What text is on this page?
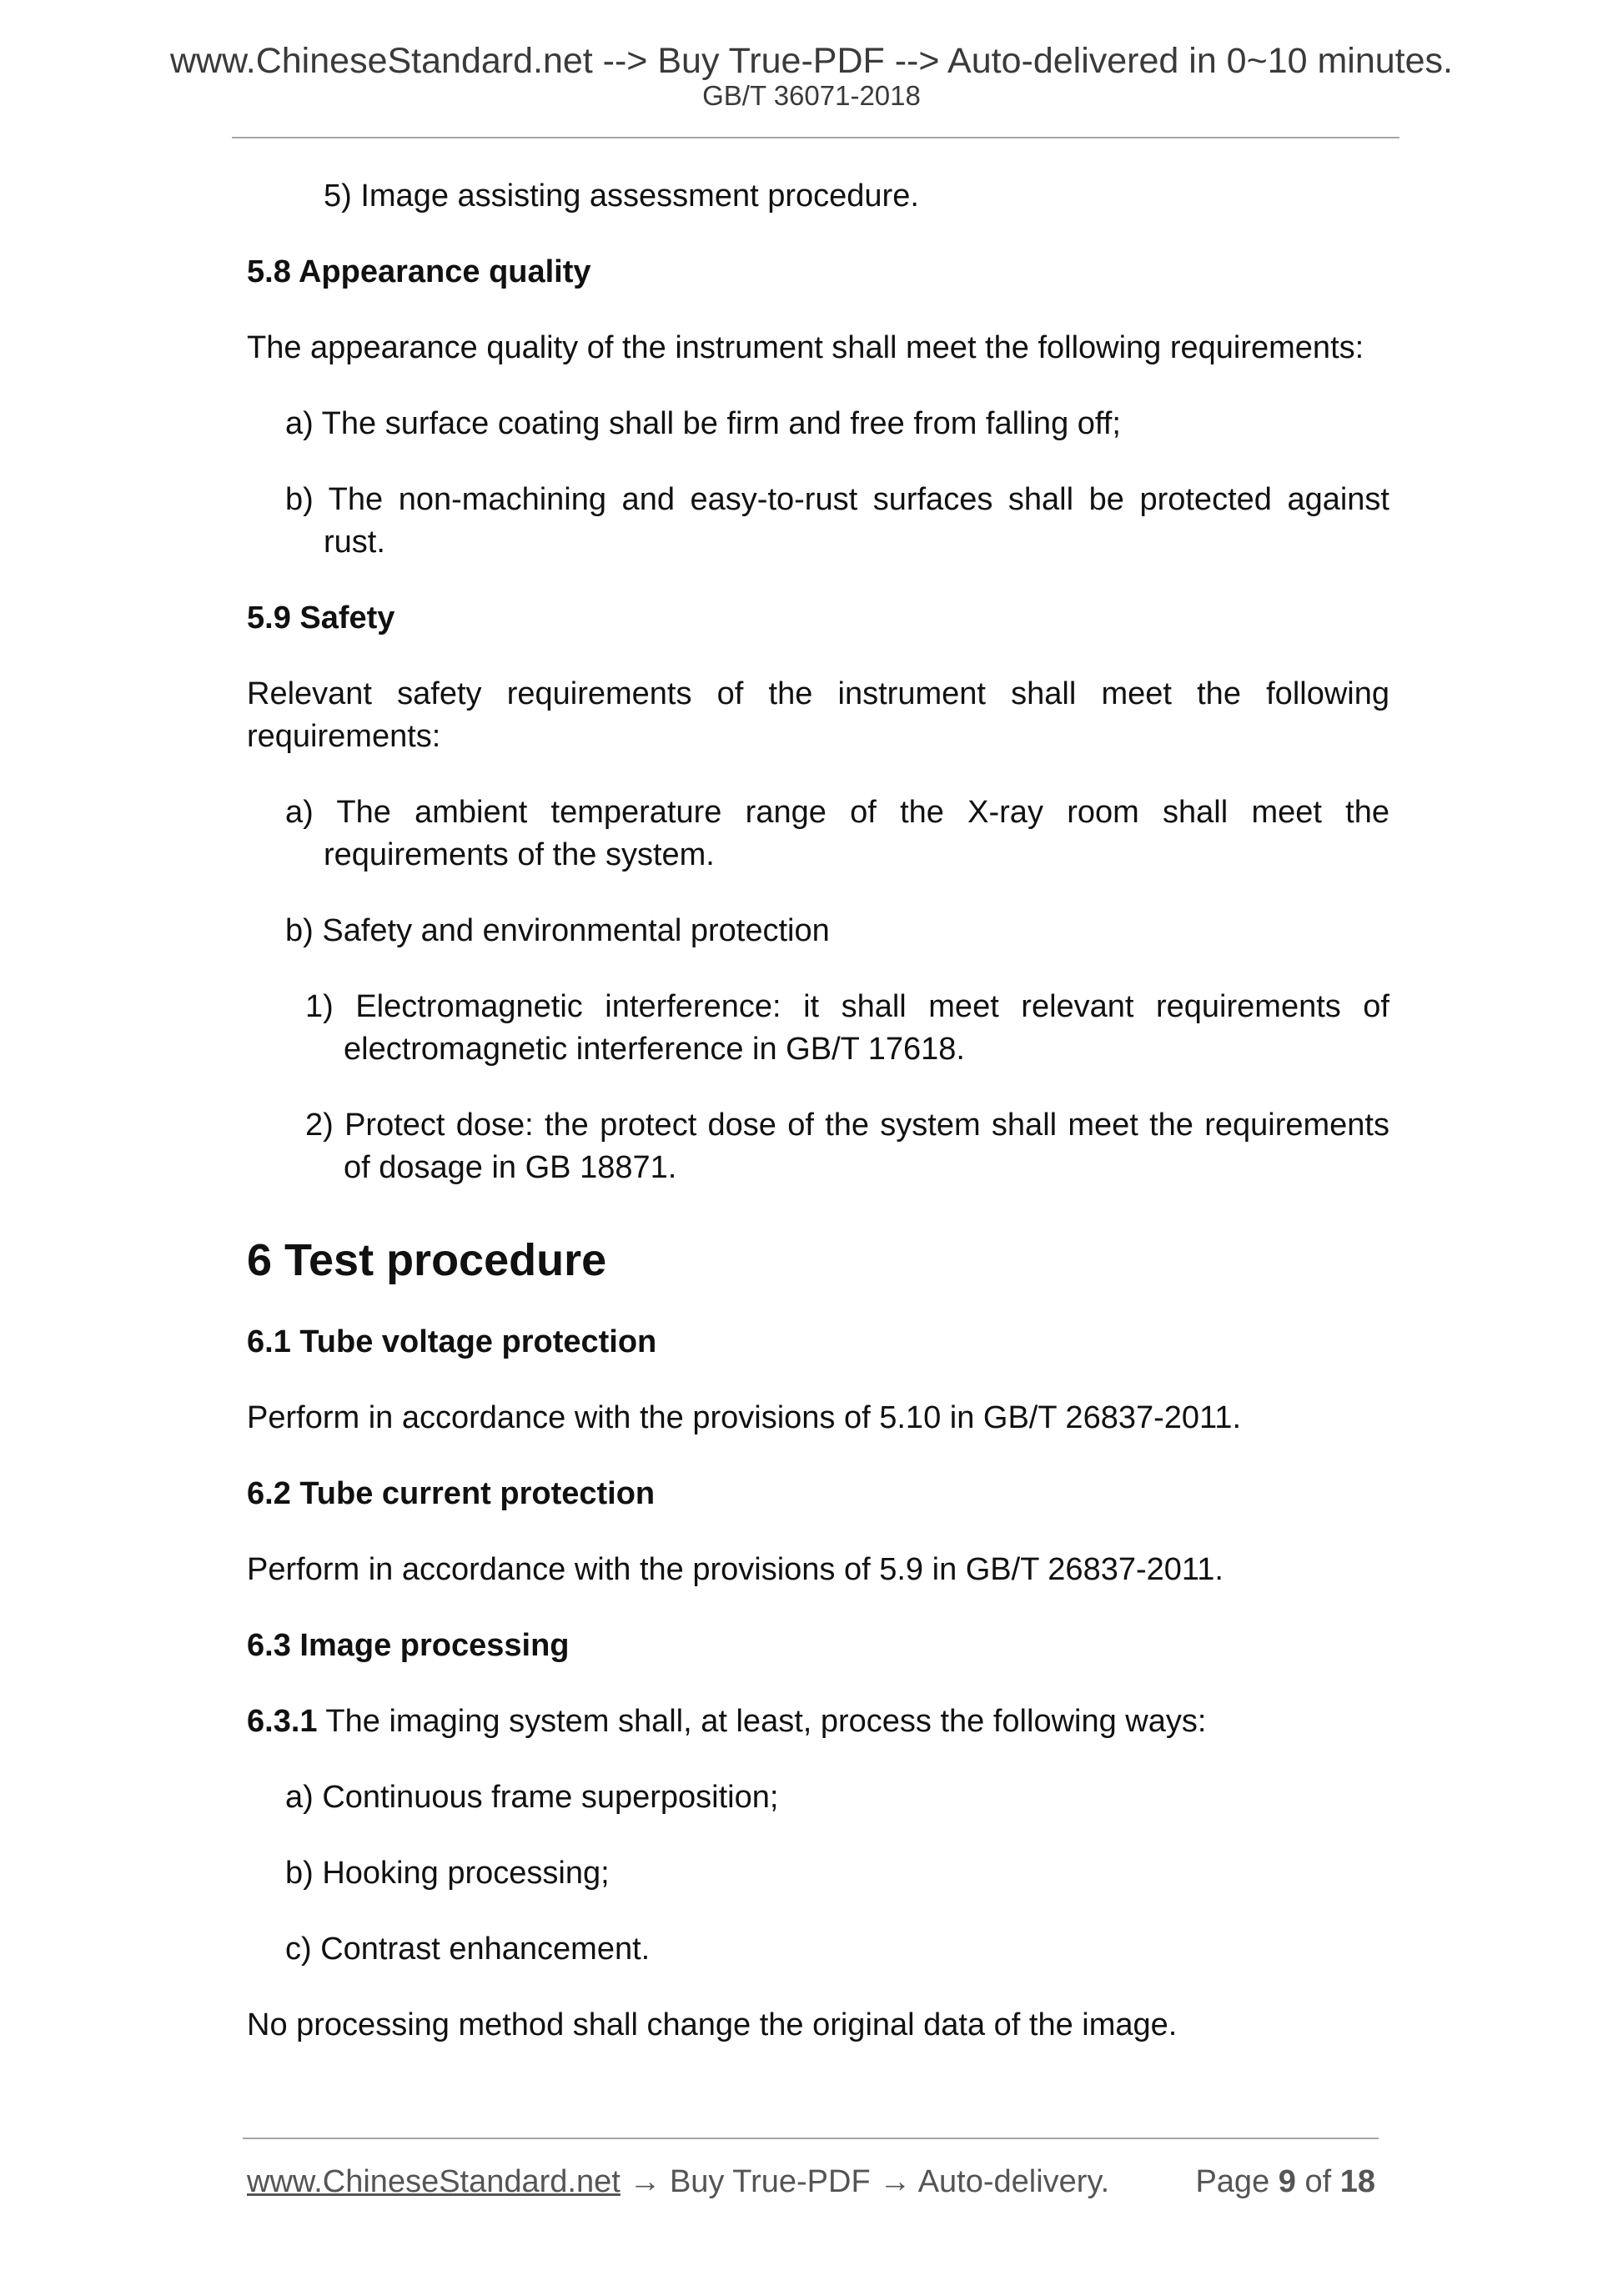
www.ChineseStandard.net --> Buy True-PDF --> Auto-delivered in 0~10 minutes.
GB/T 36071-2018

5) Image assisting assessment procedure.

5.8 Appearance quality

The appearance quality of the instrument shall meet the following requirements:

a) The surface coating shall be firm and free from falling off;

b) The non-machining and easy-to-rust surfaces shall be protected against rust.

5.9 Safety

Relevant safety requirements of the instrument shall meet the following requirements:

a) The ambient temperature range of the X-ray room shall meet the requirements of the system.

b) Safety and environmental protection

1) Electromagnetic interference: it shall meet relevant requirements of electromagnetic interference in GB/T 17618.

2) Protect dose: the protect dose of the system shall meet the requirements of dosage in GB 18871.

6 Test procedure

6.1 Tube voltage protection

Perform in accordance with the provisions of 5.10 in GB/T 26837-2011.

6.2 Tube current protection

Perform in accordance with the provisions of 5.9 in GB/T 26837-2011.

6.3 Image processing

6.3.1 The imaging system shall, at least, process the following ways:

a) Continuous frame superposition;

b) Hooking processing;

c) Contrast enhancement.

No processing method shall change the original data of the image.

www.ChineseStandard.net → Buy True-PDF → Auto-delivery.	Page 9 of 18
